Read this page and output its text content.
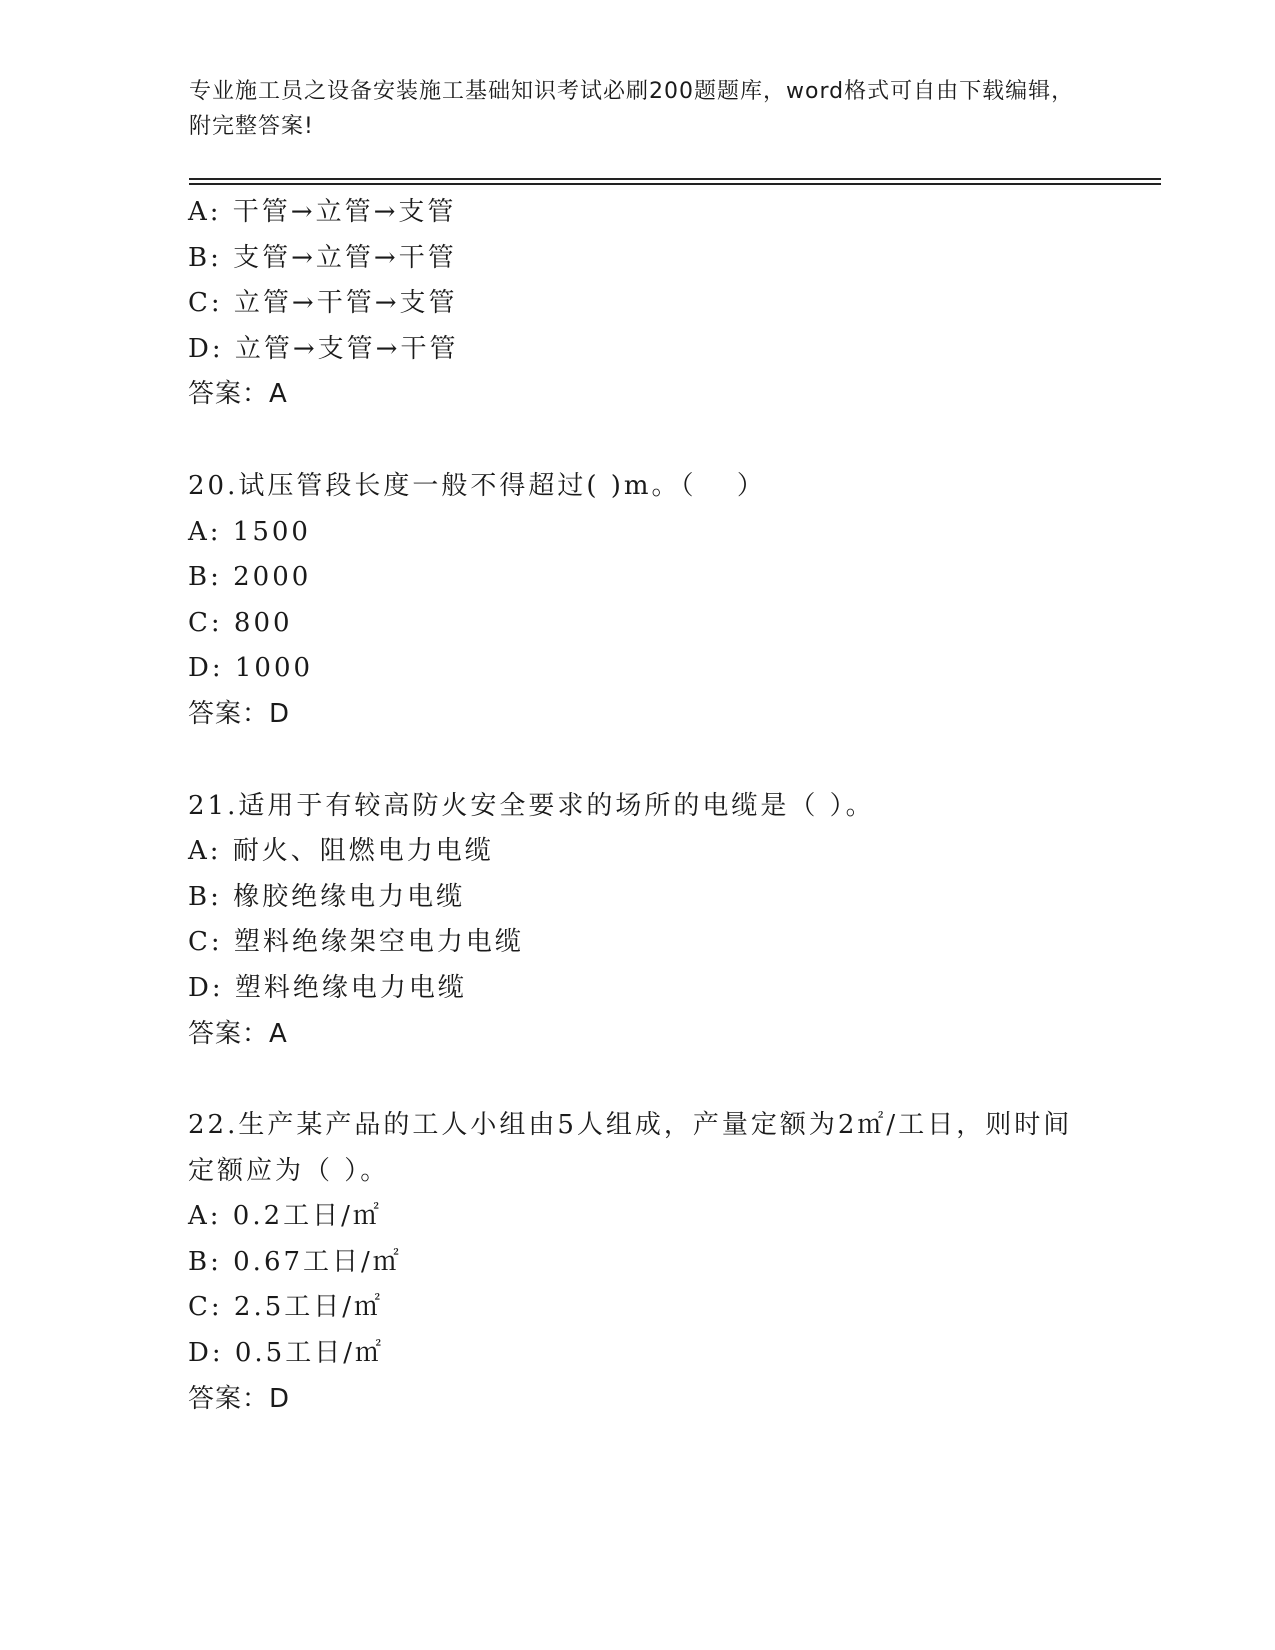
专业施工员之设备安装施工基础知识考试必刷200题题库，word格式可自由下载编辑，附完整答案!
A: 干管→立管→支管
B: 支管→立管→干管
C: 立管→干管→支管
D: 立管→支管→干管
答案：A
20.试压管段长度一般不得超过( )m。（　 ）
A: 1500
B: 2000
C: 800
D: 1000
答案：D
21.适用于有较高防火安全要求的场所的电缆是（ ）。
A: 耐火、阻燃电力电缆
B: 橡胶绝缘电力电缆
C: 塑料绝缘架空电力电缆
D: 塑料绝缘电力电缆
答案：A
22.生产某产品的工人小组由5人组成，产量定额为2㎡/工日，则时间定额应为（ ）。
A: 0.2工日/㎡
B: 0.67工日/㎡
C: 2.5工日/㎡
D: 0.5工日/㎡
答案：D
